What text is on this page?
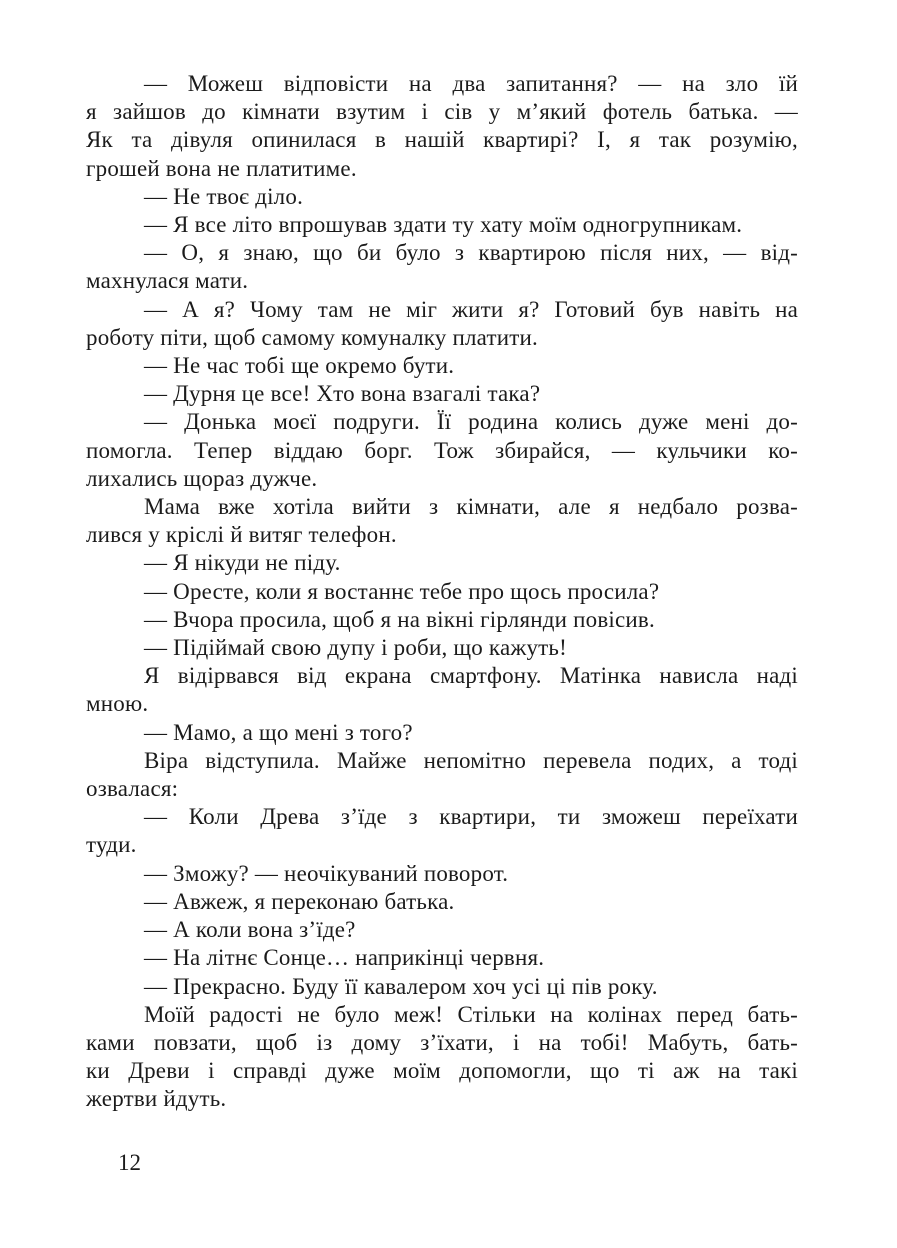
— Можеш відповісти на два запитання? — на зло їй
я зайшов до кімнати взутим і сів у м’який фотель батька. —
Як та дівуля опинилася в нашій квартирі? І, я так розумію,
грошей вона не платитиме.

— Не твоє діло.

— Я все літо впрошував здати ту хату моїм одногрупникам.

— О, я знаю, що би було з квартирою після них, — від-
махнулася мати.

— А я? Чому там не міг жити я? Готовий був навіть на
роботу піти, щоб самому комуналку платити.

— Не час тобі ще окремо бути.

— Дурня це все! Хто вона взагалі така?

— Донька моєї подруги. Її родина колись дуже мені до-
помогла. Тепер віддаю борг. Тож збирайся, — кульчики ко-
лихались щораз дужче.

Мама вже хотіла вийти з кімнати, але я недбало розва-
лився у кріслі й витяг телефон.

— Я нікуди не піду.

— Оресте, коли я востаннє тебе про щось просила?

— Вчора просила, щоб я на вікні гірлянди повісив.

— Підіймай свою дупу і роби, що кажуть!

Я відірвався від екрана смартфону. Матінка нависла наді
мною.

— Мамо, а що мені з того?

Віра відступила. Майже непомітно перевела подих, а тоді
озвалася:

— Коли Древа з’їде з квартири, ти зможеш переїхати
туди.

— Зможу? — неочікуваний поворот.

— Авжеж, я переконаю батька.

— А коли вона з’їде?

— На літнє Сонце… наприкінці червня.

— Прекрасно. Буду її кавалером хоч усі ці пів року.

Моїй радості не було меж! Стільки на колінах перед бать-
ками повзати, щоб із дому з’їхати, і на тобі! Мабуть, бать-
ки Древи і справді дуже моїм допомогли, що ті аж на такі
жертви йдуть.

12
